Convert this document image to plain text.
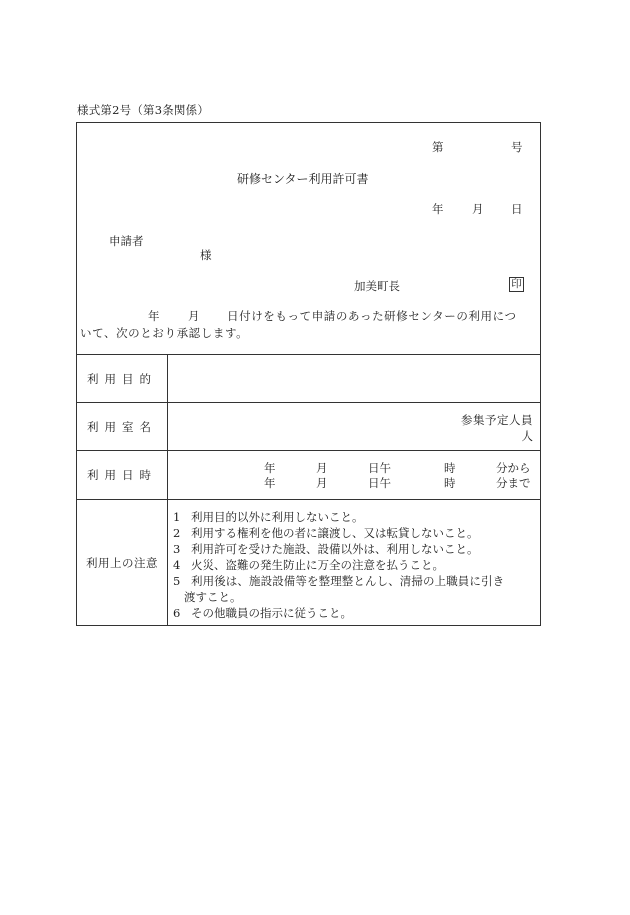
様式第2号（第3条関係）
第	号
研修センター利用許可書
年 月 日
申請者
様
加美町長	印
年 月 日付けをもって申請のあった研修センターの利用につ
いて、次のとおり承認します。
利用目的
利用室名	参集予定人員
人
利用日時	年	月	日午	時	分から
年	月	日午	時	分まで
利用上の注意
1 利用目的以外に利用しないこと。
2 利用する権利を他の者に譲渡し、又は転貸しないこと。
3 利用許可を受けた施設、設備以外は、利用しないこと。
4 火災、盗難の発生防止に万全の注意を払うこと。
5 利用後は、施設設備等を整理整とんし、清掃の上職員に引き
渡すこと。
6 その他職員の指示に従うこと。
